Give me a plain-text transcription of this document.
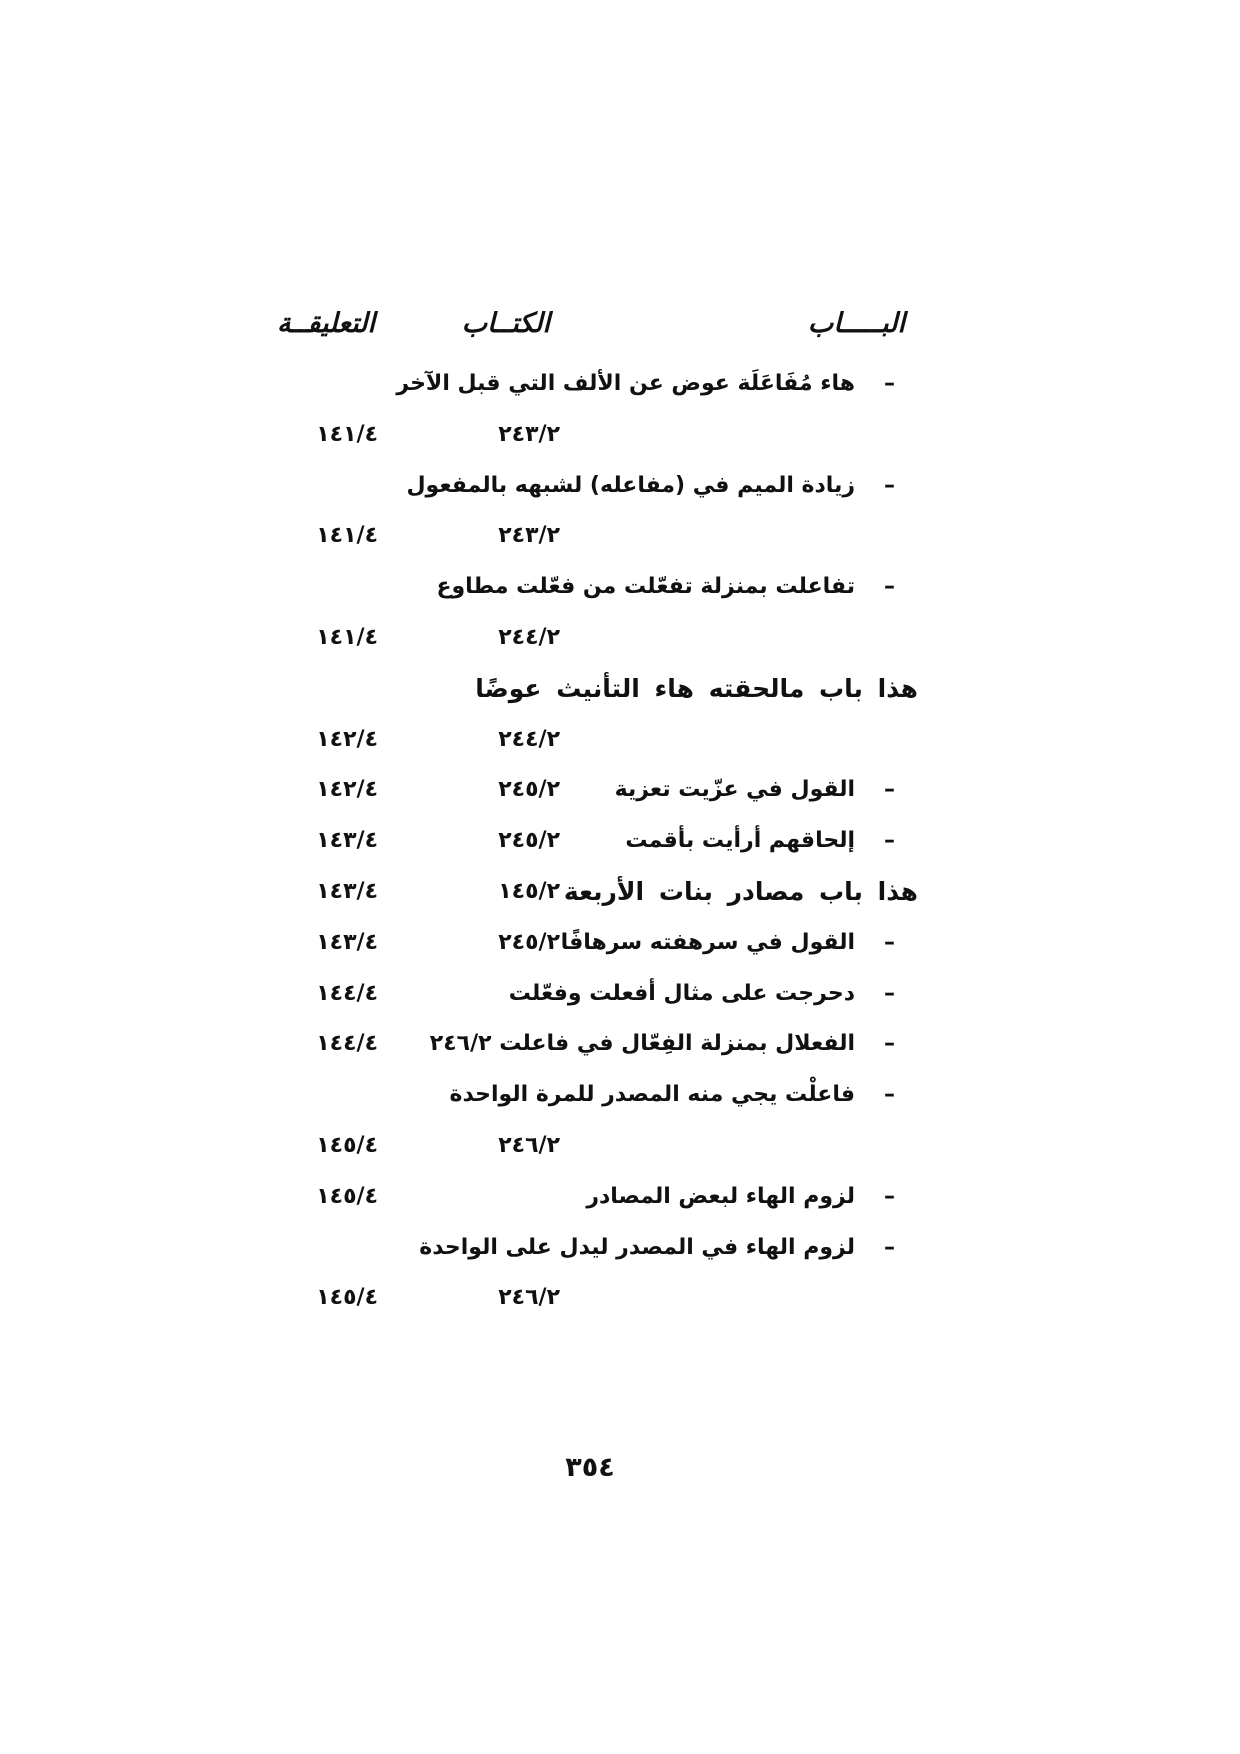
البـــــاب
الكتــاب
التعليقــة
–
هاء مُفَاعَلَة عوض عن الألف التي قبل الآخر
٢٤٣/٢
١٤١/٤
–
زيادة الميم في (مفاعله) لشبهه بالمفعول
٢٤٣/٢
١٤١/٤
–
تفاعلت بمنزلة تفعّلت من فعّلت مطاوع
٢٤٤/٢
١٤١/٤
هذا باب مالحقته هاء التأنيث عوضًا
٢٤٤/٢
١٤٢/٤
–
القول في عزّيت تعزية
٢٤٥/٢
١٤٢/٤
–
إلحاقهم أرأيت بأقمت
٢٤٥/٢
١٤٣/٤
هذا باب مصادر بنات الأربعة
١٤٥/٢
١٤٣/٤
–
القول في سرهفته سرهافًا
٢٤٥/٢
١٤٣/٤
–
دحرجت على مثال أفعلت وفعّلت
١٤٤/٤
–
الفعلال بمنزلة الفِعّال في فاعلت ٢٤٦/٢
١٤٤/٤
–
فاعلْت يجي منه المصدر للمرة الواحدة
٢٤٦/٢
١٤٥/٤
–
لزوم الهاء لبعض المصادر
١٤٥/٤
–
لزوم الهاء في المصدر ليدل على الواحدة
٢٤٦/٢
١٤٥/٤
٣٥٤
